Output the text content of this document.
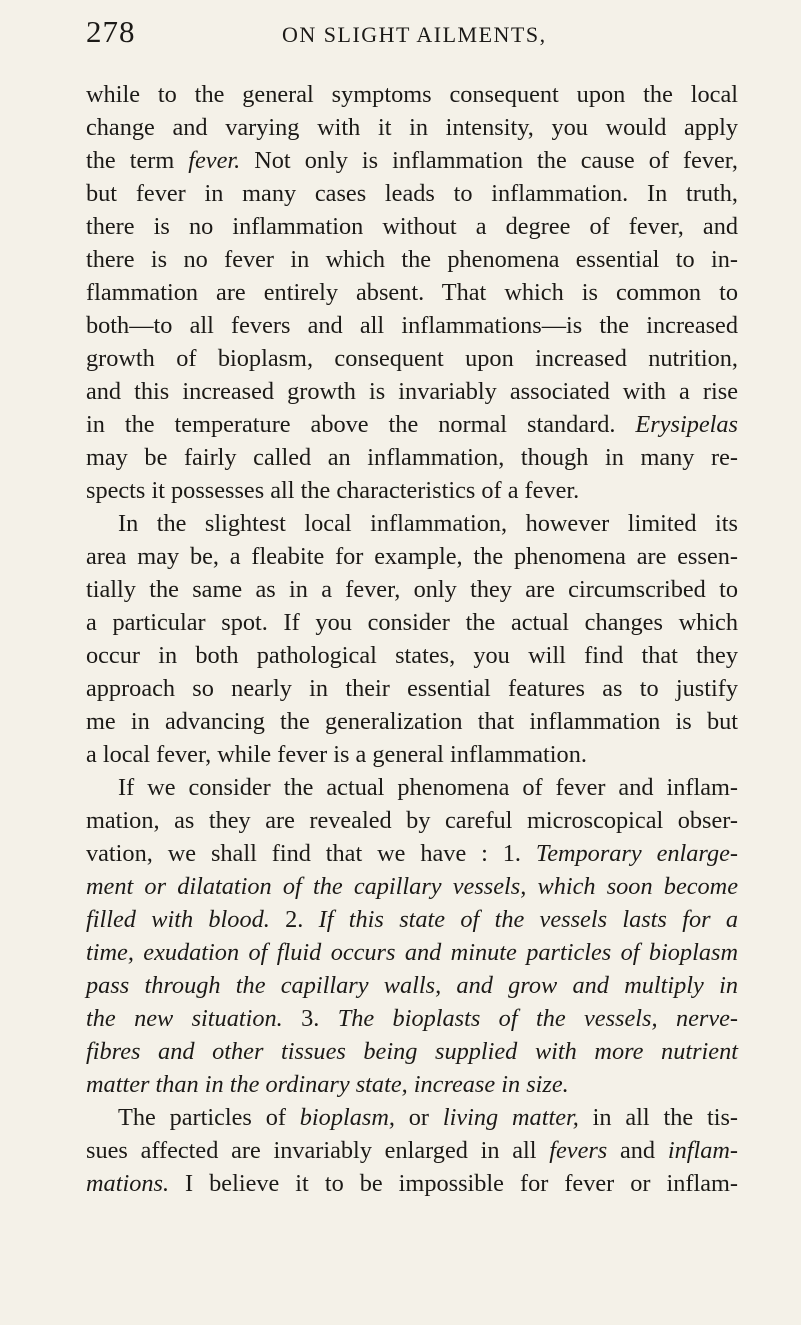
278	ON SLIGHT AILMENTS,
while to the general symptoms consequent upon the local
change and varying with it in intensity, you would apply
the term fever. Not only is inflammation the cause of fever,
but fever in many cases leads to inflammation. In truth,
there is no inflammation without a degree of fever, and
there is no fever in which the phenomena essential to in-
flammation are entirely absent. That which is common to
both—to all fevers and all inflammations—is the increased
growth of bioplasm, consequent upon increased nutrition,
and this increased growth is invariably associated with a rise
in the temperature above the normal standard. Erysipelas
may be fairly called an inflammation, though in many re-
spects it possesses all the characteristics of a fever.
In the slightest local inflammation, however limited its
area may be, a fleabite for example, the phenomena are essen-
tially the same as in a fever, only they are circumscribed to
a particular spot. If you consider the actual changes which
occur in both pathological states, you will find that they
approach so nearly in their essential features as to justify
me in advancing the generalization that inflammation is but
a local fever, while fever is a general inflammation.
If we consider the actual phenomena of fever and inflam-
mation, as they are revealed by careful microscopical obser-
vation, we shall find that we have : 1. Temporary enlarge-
ment or dilatation of the capillary vessels, which soon become
filled with blood. 2. If this state of the vessels lasts for a
time, exudation of fluid occurs and minute particles of bioplasm
pass through the capillary walls, and grow and multiply in
the new situation. 3. The bioplasts of the vessels, nerve-
fibres and other tissues being supplied with more nutrient
matter than in the ordinary state, increase in size.
The particles of bioplasm, or living matter, in all the tis-
sues affected are invariably enlarged in all fevers and inflam-
mations. I believe it to be impossible for fever or inflam-
